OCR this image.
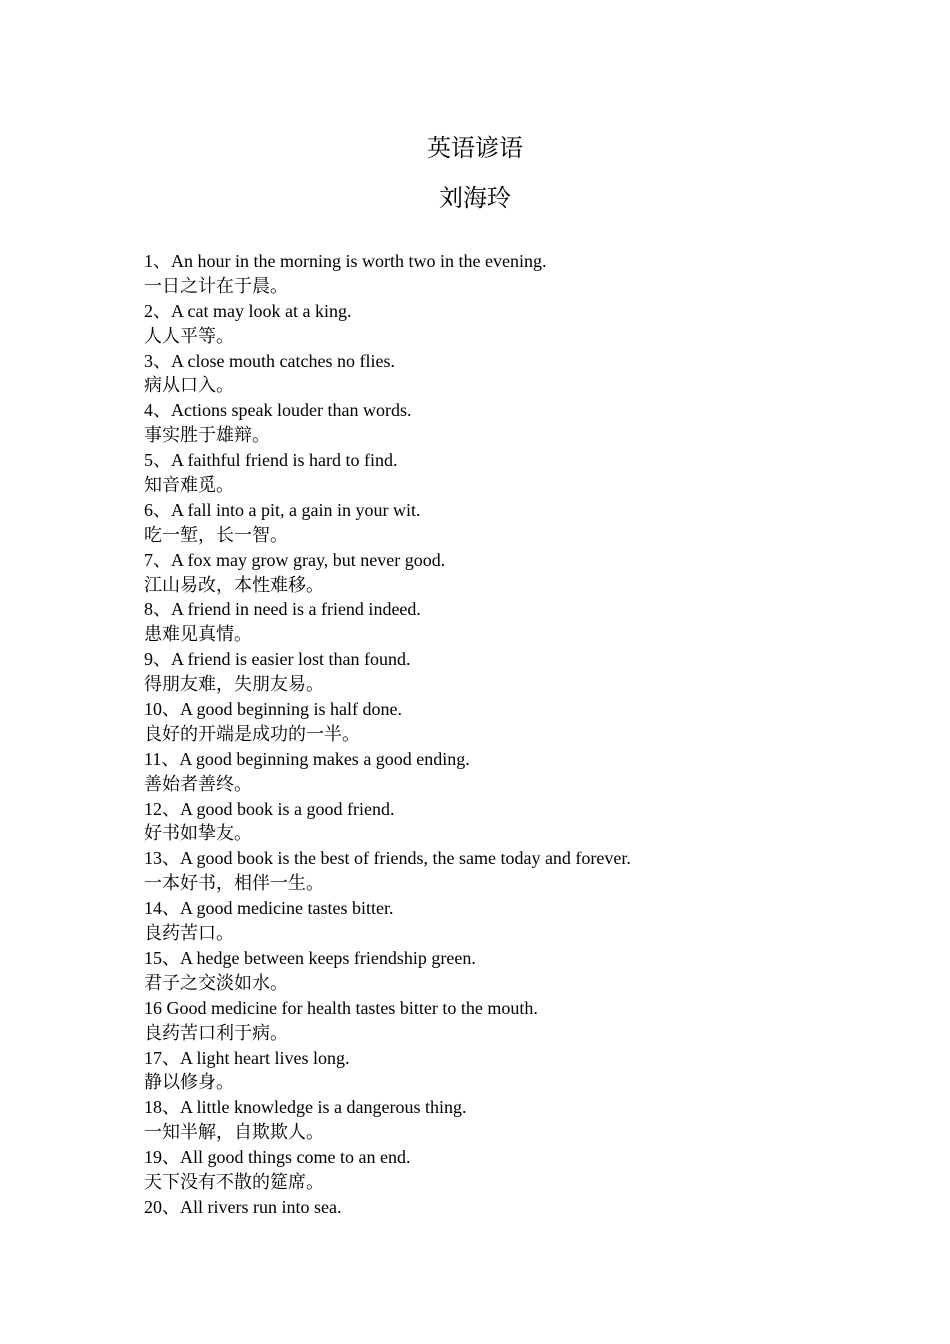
英语谚语
刘海玲
1、An hour in the morning is worth two in the evening.
一日之计在于晨。
2、A cat may look at a king.
人人平等。
3、A close mouth catches no flies.
病从口入。
4、Actions speak louder than words.
事实胜于雄辩。
5、A faithful friend is hard to find.
知音难觅。
6、A fall into a pit, a gain in your wit.
吃一堑，长一智。
7、A fox may grow gray, but never good.
江山易改，本性难移。
8、A friend in need is a friend indeed.
患难见真情。
9、A friend is easier lost than found.
得朋友难，失朋友易。
10、A good beginning is half done.
良好的开端是成功的一半。
11、A good beginning makes a good ending.
善始者善终。
12、A good book is a good friend.
好书如挚友。
13、A good book is the best of friends, the same today and forever.
一本好书，相伴一生。
14、A good medicine tastes bitter.
良药苦口。
15、A hedge between keeps friendship green.
君子之交淡如水。
16 Good medicine for health tastes bitter to the mouth.
良药苦口利于病。
17、A light heart lives long.
静以修身。
18、A little knowledge is a dangerous thing.
一知半解，自欺欺人。
19、All good things come to an end.
天下没有不散的筵席。
20、All rivers run into sea.
